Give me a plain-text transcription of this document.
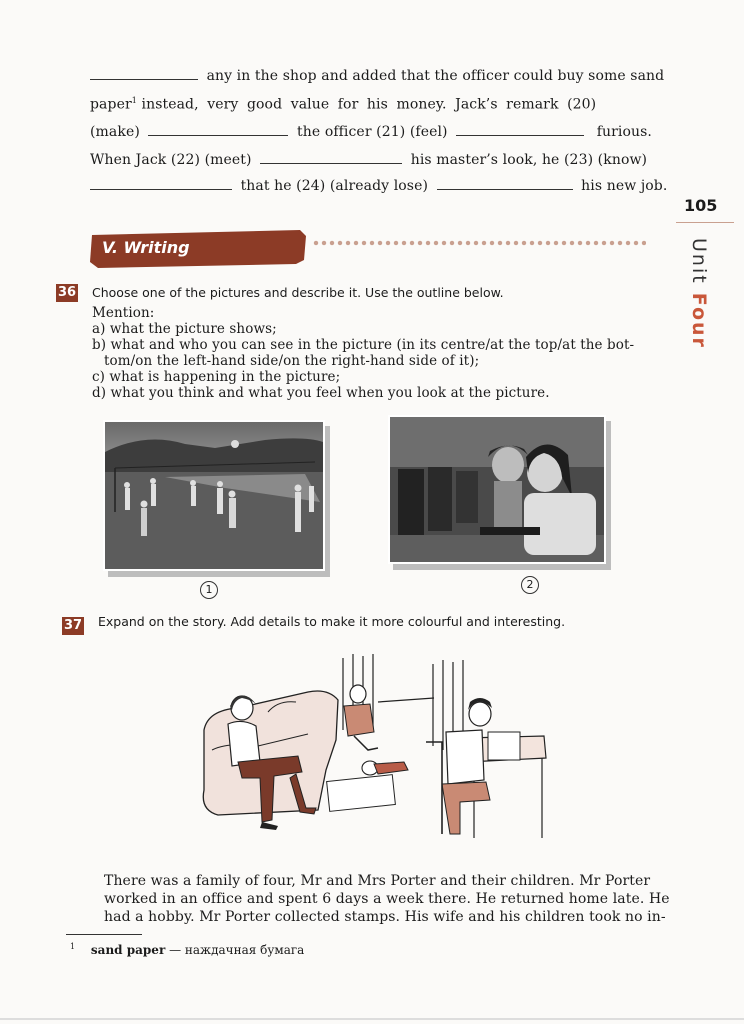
any in the shop and added that the officer could buy some sand
paper$^1$ instead, very good value for his money. Jack’s remark (20)
(make)	the officer (21) (feel)	furious.
When Jack (22) (meet)	his master’s look, he (23) (know)
that he (24) (already lose)	his new job.
105
Unit Four
V. Writing
36 Choose one of the pictures and describe it. Use the outline below.
Mention:
a) what the picture shows;
b) what and who you can see in the picture (in its centre/at the top/at the bot-
tom/on the left-hand side/on the right-hand side of it);
c) what is happening in the picture;
d) what you think and what you feel when you look at the picture.
1	2
37 Expand on the story. Add details to make it more colourful and interesting.
There was a family of four, Mr and Mrs Porter and their children. Mr Porter
worked in an office and spent 6 days a week there. He returned home late. He
had a hobby. Mr Porter collected stamps. His wife and his children took no in-
$^1$ sand paper — наждачная бумага
